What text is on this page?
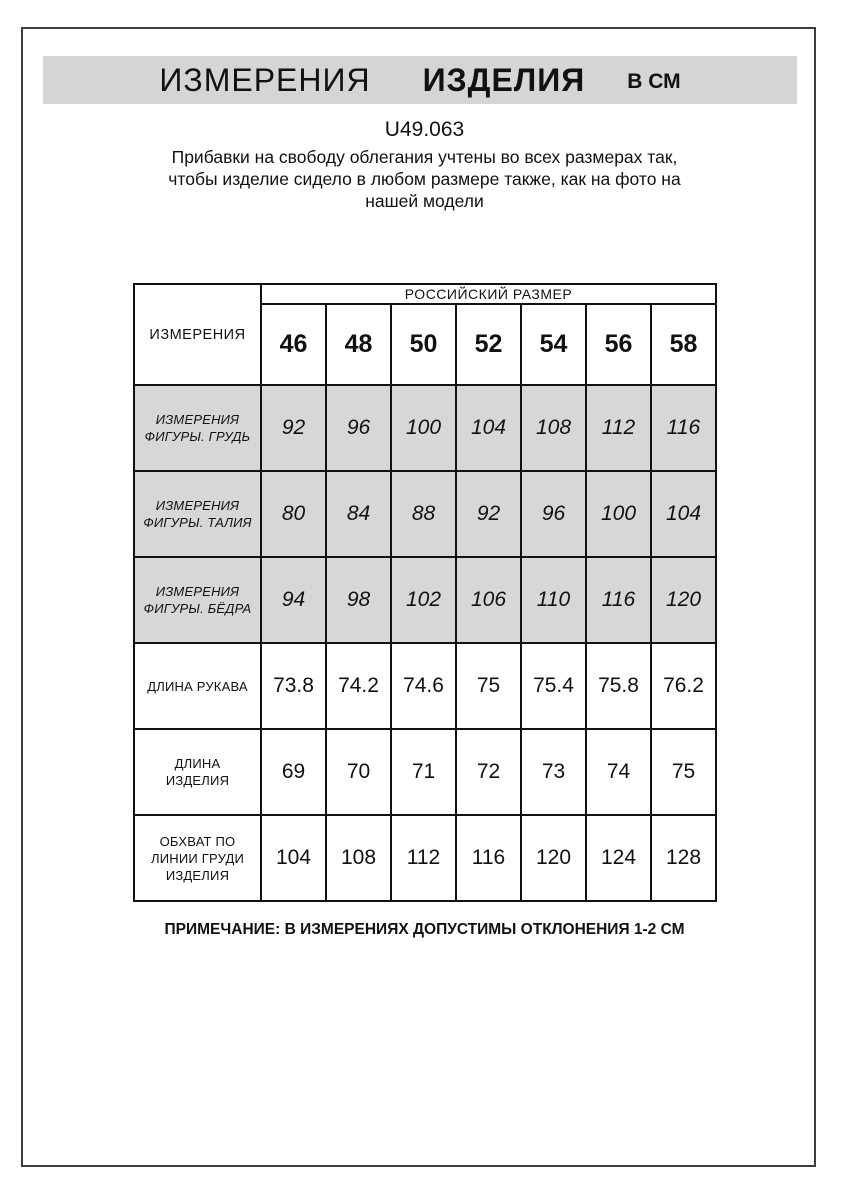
ИЗМЕРЕНИЯ ИЗДЕЛИЯ В СМ
U49.063
Прибавки на свободу облегания учтены во всех размерах так,
чтобы изделие сидело в любом размере также, как на фото на
нашей модели
ИЗМЕРЕНИЯ	РОССИЙСКИЙ РАЗМЕР						
	46	48	50	52	54	56	58
ИЗМЕРЕНИЯ ФИГУРЫ. ГРУДЬ	92	96	100	104	108	112	116
ИЗМЕРЕНИЯ ФИГУРЫ. ТАЛИЯ	80	84	88	92	96	100	104
ИЗМЕРЕНИЯ ФИГУРЫ. БЁДРА	94	98	102	106	110	116	120
ДЛИНА РУКАВА	73.8	74.2	74.6	75	75.4	75.8	76.2
ДЛИНА ИЗДЕЛИЯ	69	70	71	72	73	74	75
ОБХВАТ ПО ЛИНИИ ГРУДИ ИЗДЕЛИЯ	104	108	112	116	120	124	128
ПРИМЕЧАНИЕ: В ИЗМЕРЕНИЯХ ДОПУСТИМЫ ОТКЛОНЕНИЯ 1-2 СМ
